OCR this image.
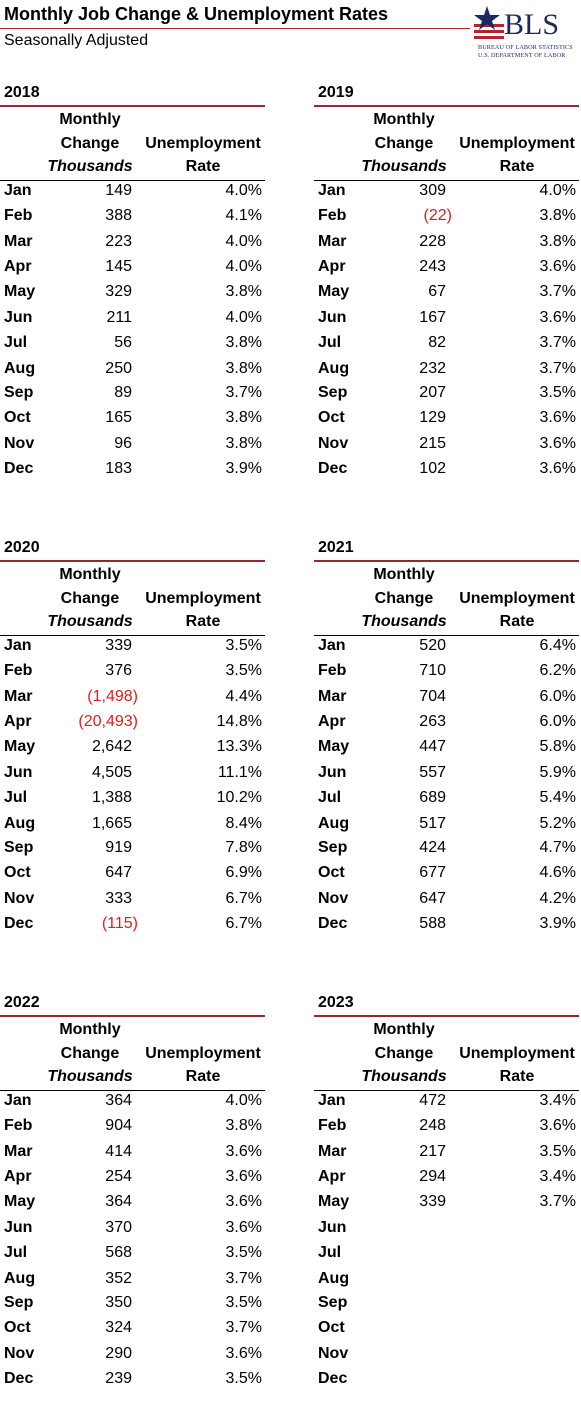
Monthly Job Change & Unemployment Rates
Seasonally Adjusted	BLS
BUREAU OF LABOR STATISTICS
U.S. DEPARTMENT OF LABOR
2018
Monthly
Change
Thousands
Unemployment
Rate
Jan	149	4.0%
Feb	388	4.1%
Mar	223	4.0%
Apr	145	4.0%
May	329	3.8%
Jun	211	4.0%
Jul	56	3.8%
Aug	250	3.8%
Sep	89	3.7%
Oct	165	3.8%
Nov	96	3.8%
Dec	183	3.9%
2019
Monthly
Change
Thousands
Unemployment
Rate
Jan	309	4.0%
Feb	(22)	3.8%
Mar	228	3.8%
Apr	243	3.6%
May	67	3.7%
Jun	167	3.6%
Jul	82	3.7%
Aug	232	3.7%
Sep	207	3.5%
Oct	129	3.6%
Nov	215	3.6%
Dec	102	3.6%
2020
Monthly
Change
Thousands
Unemployment
Rate
Jan	339	3.5%
Feb	376	3.5%
Mar	(1,498)	4.4%
Apr	(20,493)	14.8%
May	2,642	13.3%
Jun	4,505	11.1%
Jul	1,388	10.2%
Aug	1,665	8.4%
Sep	919	7.8%
Oct	647	6.9%
Nov	333	6.7%
Dec	(115)	6.7%
2021
Monthly
Change
Thousands
Unemployment
Rate
Jan	520	6.4%
Feb	710	6.2%
Mar	704	6.0%
Apr	263	6.0%
May	447	5.8%
Jun	557	5.9%
Jul	689	5.4%
Aug	517	5.2%
Sep	424	4.7%
Oct	677	4.6%
Nov	647	4.2%
Dec	588	3.9%
2022
Monthly
Change
Thousands
Unemployment
Rate
Jan	364	4.0%
Feb	904	3.8%
Mar	414	3.6%
Apr	254	3.6%
May	364	3.6%
Jun	370	3.6%
Jul	568	3.5%
Aug	352	3.7%
Sep	350	3.5%
Oct	324	3.7%
Nov	290	3.6%
Dec	239	3.5%
2023
Monthly
Change
Thousands
Unemployment
Rate
Jan	472	3.4%
Feb	248	3.6%
Mar	217	3.5%
Apr	294	3.4%
May	339	3.7%
Jun
Jul
Aug
Sep
Oct
Nov
Dec
